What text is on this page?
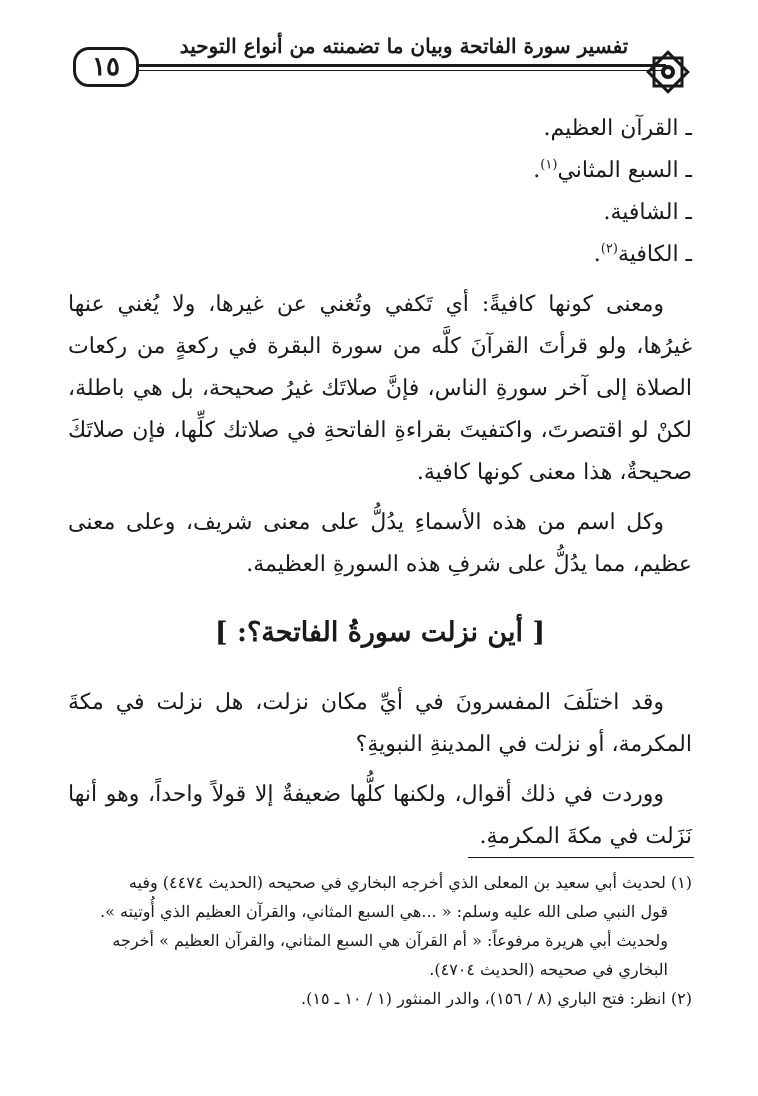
١٥
تفسير سورة الفاتحة وبيان ما تضمنته من أنواع التوحيد

ـ القرآن العظيم.

ـ السبع المثاني$^{(١)}$.

ـ الشافية.

ـ الكافية$^{(٢)}$.

ومعنى كونها كافيةً: أي تَكفي وتُغني عن غيرها، ولا يُغني عنها غيرُها، ولو قرأتَ القرآنَ كلَّه من سورة البقرة في ركعةٍ من ركعات الصلاة إلى آخر سورةِ الناس، فإنَّ صلاتَك غيرُ صحيحة، بل هي باطلة، لكنْ لو اقتصرتَ، واكتفيتَ بقراءةِ الفاتحةِ في صلاتك كلِّها، فإن صلاتَكَ صحيحةٌ، هذا معنى كونها كافية.

وكل اسم من هذه الأسماءِ يدُلُّ على معنى شريف، وعلى معنى عظيم، مما يدُلُّ على شرفِ هذه السورةِ العظيمة.

[ أين نزلت سورةُ الفاتحة؟: ]

وقد اختلَفَ المفسرونَ في أيِّ مكان نزلت، هل نزلت في مكةَ المكرمة، أو نزلت في المدينةِ النبويةِ؟

ووردت في ذلك أقوال، ولكنها كلُّها ضعيفةٌ إلا قولاً واحداً، وهو أنها نَزَلت في مكةَ المكرمةِ.

(١) لحديث أبي سعيد بن المعلى الذي أخرجه البخاري في صحيحه (الحديث ٤٤٧٤) وفيه

قول النبي صلى الله عليه وسلم: « ...هي السبع المثاني، والقرآن العظيم الذي أُوتيته ».

ولحديث أبي هريرة مرفوعاً: « أم القرآن هي السبع المثاني، والقرآن العظيم » أخرجه

البخاري في صحيحه (الحديث ٤٧٠٤).

(٢) انظر: فتح الباري (٨ / ١٥٦)، والدر المنثور (١ / ١٠ ـ ١٥).
